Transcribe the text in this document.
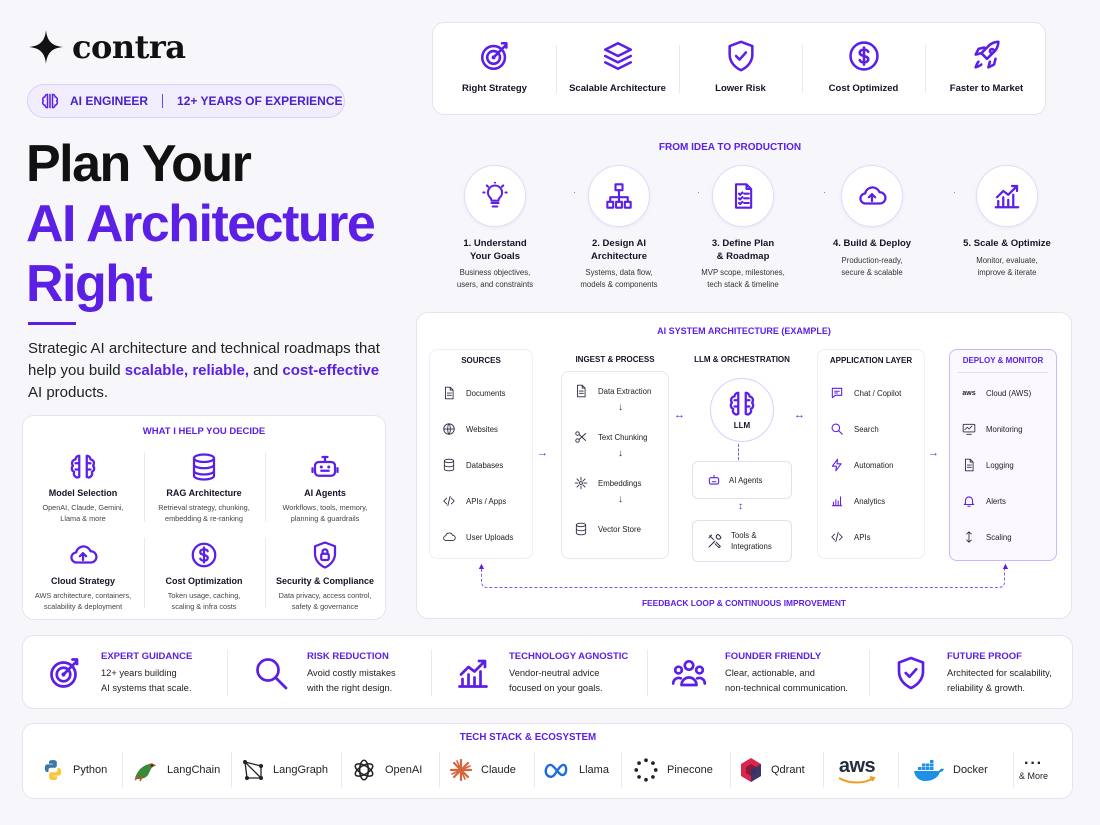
contra
AI ENGINEER 12+ YEARS OF EXPERIENCE
Plan Your
AI Architecture
Right
Strategic AI architecture and technical roadmaps that help you build scalable, reliable, and cost-effective AI products.
WHAT I HELP YOU DECIDE
Model Selection
OpenAI, Claude, Gemini,
Llama & more
RAG Architecture
Retrieval strategy, chunking,
embedding & re-ranking
AI Agents
Workflows, tools, memory,
planning & guardrails
Cloud Strategy
AWS architecture, containers,
scalability & deployment
Cost Optimization
Token usage, caching,
scaling & infra costs
Security & Compliance
Data privacy, access control,
safety & governance
Right Strategy	Scalable Architecture	Lower Risk	Cost Optimized	Faster to Market
FROM IDEA TO PRODUCTION
1. Understand
Your Goals
Business objectives,
users, and constraints
2. Design AI
Architecture
Systems, data flow,
models & components
3. Define Plan
& Roadmap
MVP scope, milestones,
tech stack & timeline
4. Build & Deploy
Production-ready,
secure & scalable
5. Scale & Optimize
Monitor, evaluate,
improve & iterate
AI SYSTEM ARCHITECTURE (EXAMPLE)
SOURCES
Documents
Websites
Databases
APIs / Apps
User Uploads
→
INGEST & PROCESS
Data Extraction
↓
Text Chunking
↓
Embeddings
↓
Vector Store
↔
LLM & ORCHESTRATION
LLM
AI Agents
↕
Tools &
Integrations
↔
APPLICATION LAYER
Chat / Copilot
Search
Automation
Analytics
APIs
→
DEPLOY & MONITOR
aws Cloud (AWS)
Monitoring
Logging
Alerts
Scaling
▲	▲
FEEDBACK LOOP & CONTINUOUS IMPROVEMENT
EXPERT GUIDANCE
12+ years building
AI systems that scale.
RISK REDUCTION
Avoid costly mistakes
with the right design.
TECHNOLOGY AGNOSTIC
Vendor-neutral advice
focused on your goals.
FOUNDER FRIENDLY
Clear, actionable, and
non-technical communication.
FUTURE PROOF
Architected for scalability,
reliability & growth.
TECH STACK & ECOSYSTEM
Python	LangChain	LangGraph	OpenAI	Claude	Llama	Pinecone	Qdrant aws	Docker ···
& More
